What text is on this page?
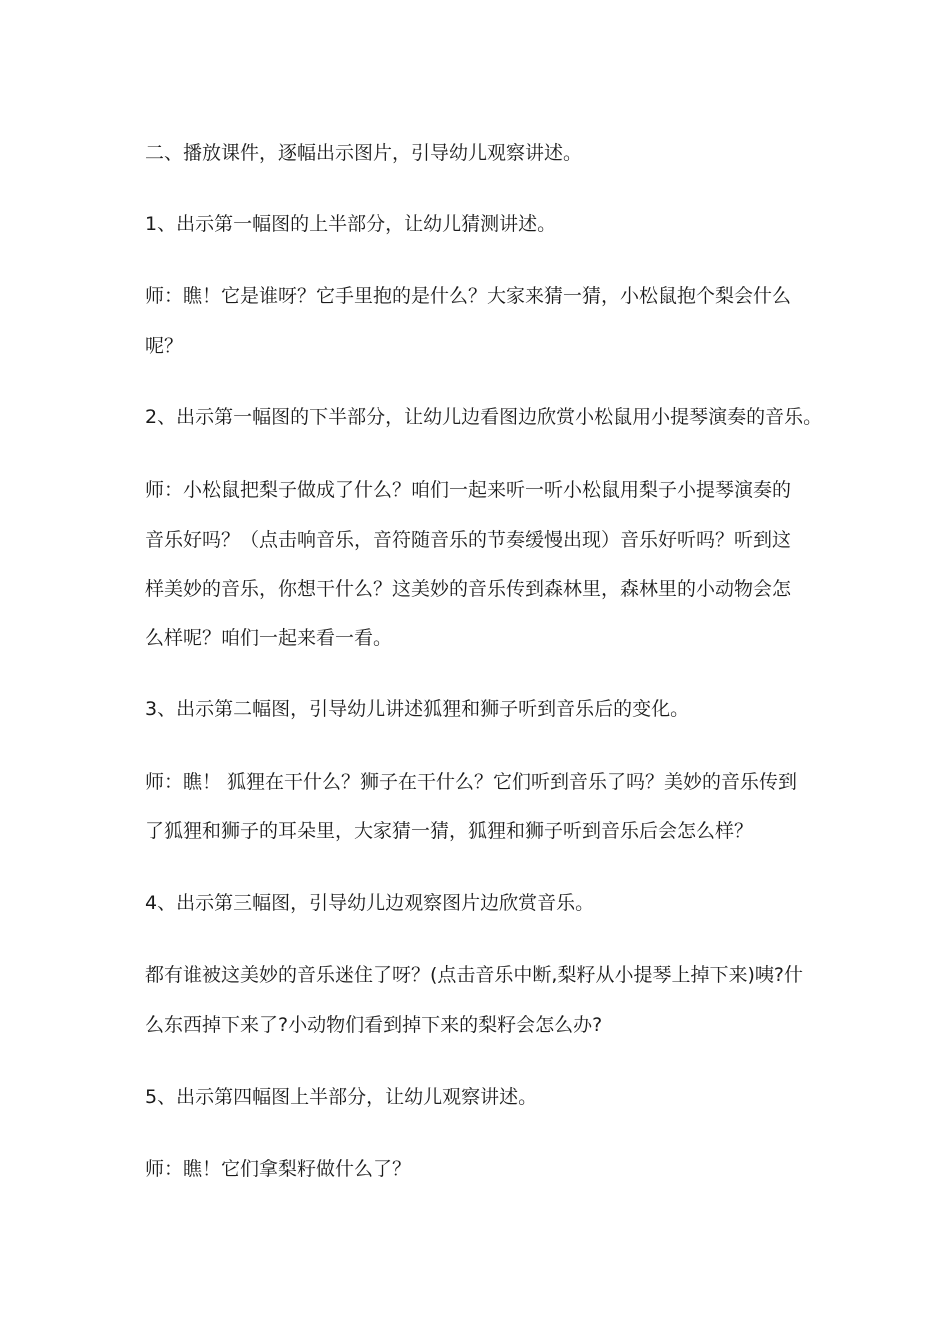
二、播放课件，逐幅出示图片，引导幼儿观察讲述。
1、出示第一幅图的上半部分，让幼儿猜测讲述。
师：瞧！它是谁呀？它手里抱的是什么？大家来猜一猜，小松鼠抱个梨会什么
呢？
2、出示第一幅图的下半部分，让幼儿边看图边欣赏小松鼠用小提琴演奏的音乐。
师：小松鼠把梨子做成了什么？咱们一起来听一听小松鼠用梨子小提琴演奏的
音乐好吗？（点击响音乐，音符随音乐的节奏缓慢出现）音乐好听吗？听到这
样美妙的音乐，你想干什么？这美妙的音乐传到森林里，森林里的小动物会怎
么样呢？咱们一起来看一看。
3、出示第二幅图，引导幼儿讲述狐狸和狮子听到音乐后的变化。
师：瞧！ 狐狸在干什么？狮子在干什么？它们听到音乐了吗？美妙的音乐传到
了狐狸和狮子的耳朵里，大家猜一猜，狐狸和狮子听到音乐后会怎么样？
4、出示第三幅图，引导幼儿边观察图片边欣赏音乐。
都有谁被这美妙的音乐迷住了呀？(点击音乐中断,梨籽从小提琴上掉下来)咦?什
么东西掉下来了?小动物们看到掉下来的梨籽会怎么办?
5、出示第四幅图上半部分，让幼儿观察讲述。
师：瞧！它们拿梨籽做什么了？
